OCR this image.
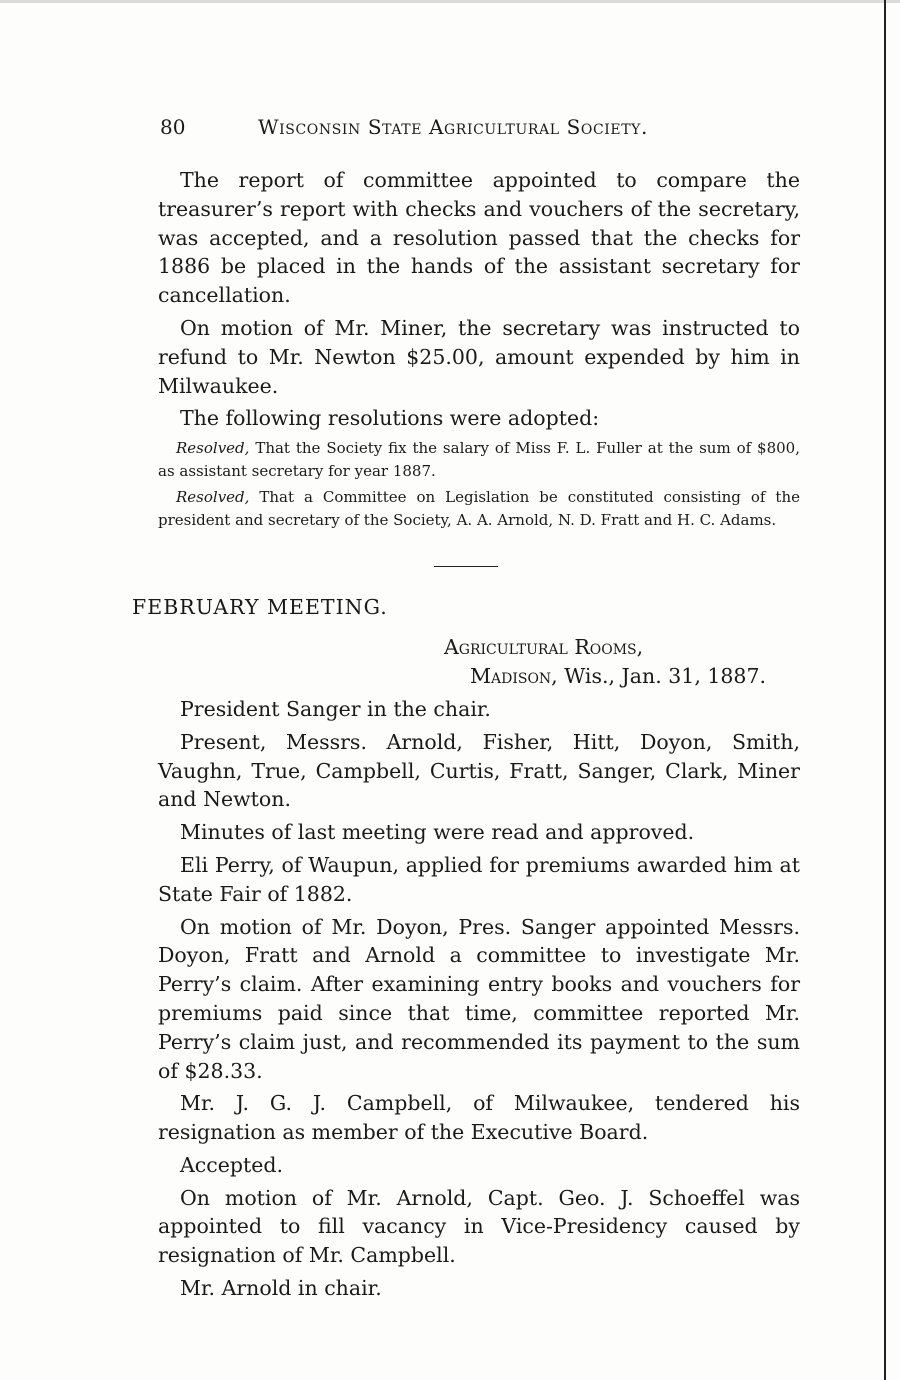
80	Wisconsin State Agricultural Society.

The report of committee appointed to compare the treasurer’s report with checks and vouchers of the secretary, was accepted, and a resolution passed that the checks for 1886 be placed in the hands of the assistant secretary for cancellation.

On motion of Mr. Miner, the secretary was instructed to refund to Mr. Newton $25.00, amount expended by him in Milwaukee.

The following resolutions were adopted:

Resolved, That the Society fix the salary of Miss F. L. Fuller at the sum of $800, as assistant secretary for year 1887.

Resolved, That a Committee on Legislation be constituted consisting of the president and secretary of the Society, A. A. Arnold, N. D. Fratt and H. C. Adams.

FEBRUARY MEETING.

Agricultural Rooms,

Madison, Wis., Jan. 31, 1887.

President Sanger in the chair.

Present, Messrs. Arnold, Fisher, Hitt, Doyon, Smith, Vaughn, True, Campbell, Curtis, Fratt, Sanger, Clark, Miner and Newton.

Minutes of last meeting were read and approved.

Eli Perry, of Waupun, applied for premiums awarded him at State Fair of 1882.

On motion of Mr. Doyon, Pres. Sanger appointed Messrs. Doyon, Fratt and Arnold a committee to investigate Mr. Perry’s claim. After examining entry books and vouchers for premiums paid since that time, committee reported Mr. Perry’s claim just, and recommended its payment to the sum of $28.33.

Mr. J. G. J. Campbell, of Milwaukee, tendered his resignation as member of the Executive Board.

Accepted.

On motion of Mr. Arnold, Capt. Geo. J. Schoeffel was appointed to fill vacancy in Vice-Presidency caused by resignation of Mr. Campbell.

Mr. Arnold in chair.
